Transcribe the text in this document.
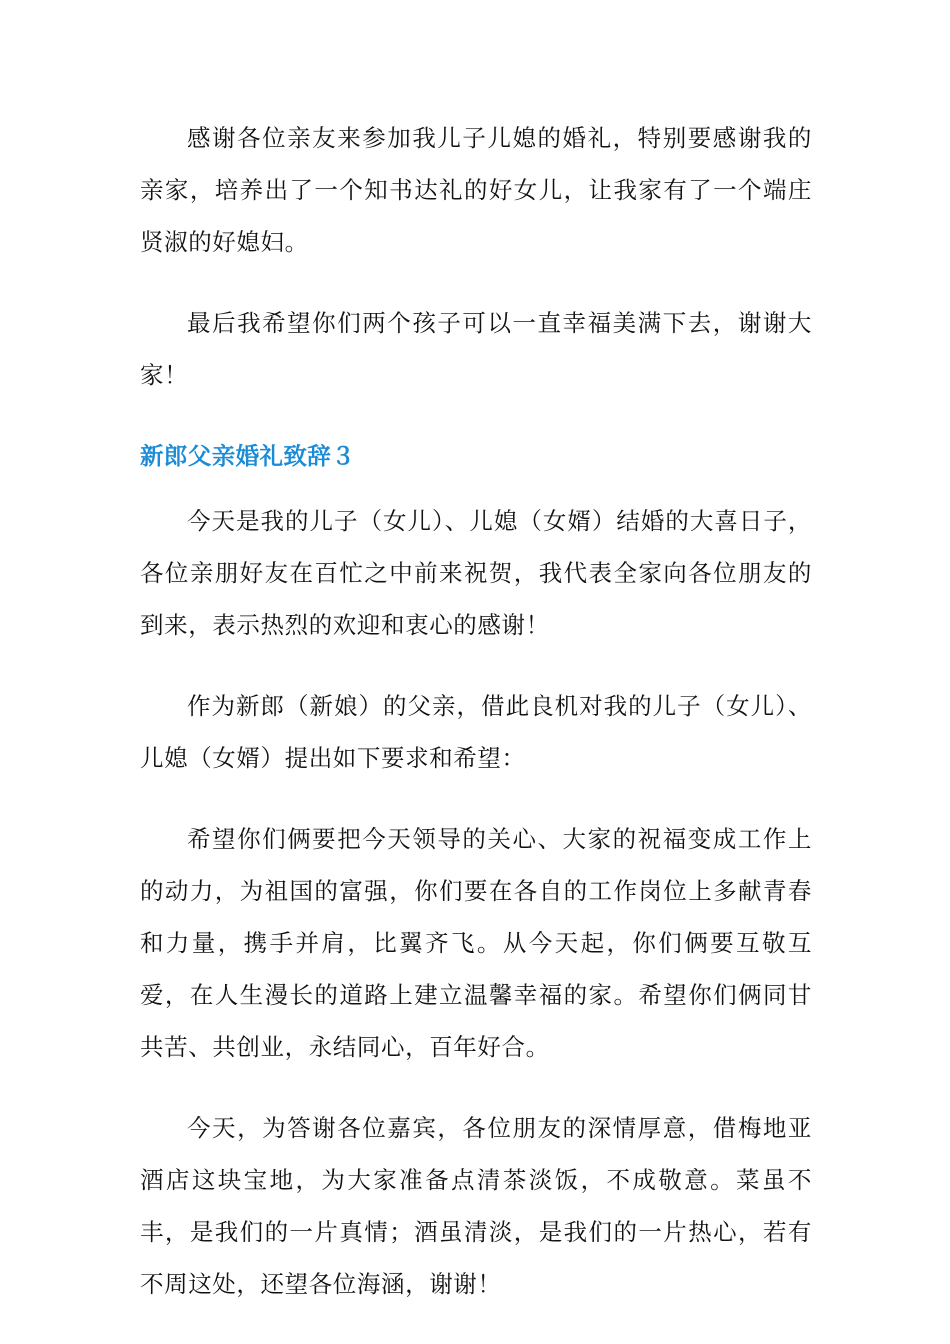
感谢各位亲友来参加我儿子儿媳的婚礼，特别要感谢我的亲家，培养出了一个知书达礼的好女儿，让我家有了一个端庄贤淑的好媳妇。

最后我希望你们两个孩子可以一直幸福美满下去，谢谢大家！

新郎父亲婚礼致辞３

今天是我的儿子（女儿）、儿媳（女婿）结婚的大喜日子，各位亲朋好友在百忙之中前来祝贺，我代表全家向各位朋友的到来，表示热烈的欢迎和衷心的感谢！

作为新郎（新娘）的父亲，借此良机对我的儿子（女儿）、儿媳（女婿）提出如下要求和希望：

希望你们俩要把今天领导的关心、大家的祝福变成工作上的动力，为祖国的富强，你们要在各自的工作岗位上多献青春和力量，携手并肩，比翼齐飞。从今天起，你们俩要互敬互爱，在人生漫长的道路上建立温馨幸福的家。希望你们俩同甘共苦、共创业，永结同心，百年好合。

今天，为答谢各位嘉宾，各位朋友的深情厚意，借梅地亚酒店这块宝地，为大家准备点清茶淡饭，不成敬意。菜虽不丰，是我们的一片真情；酒虽清淡，是我们的一片热心，若有不周这处，还望各位海涵，谢谢！
